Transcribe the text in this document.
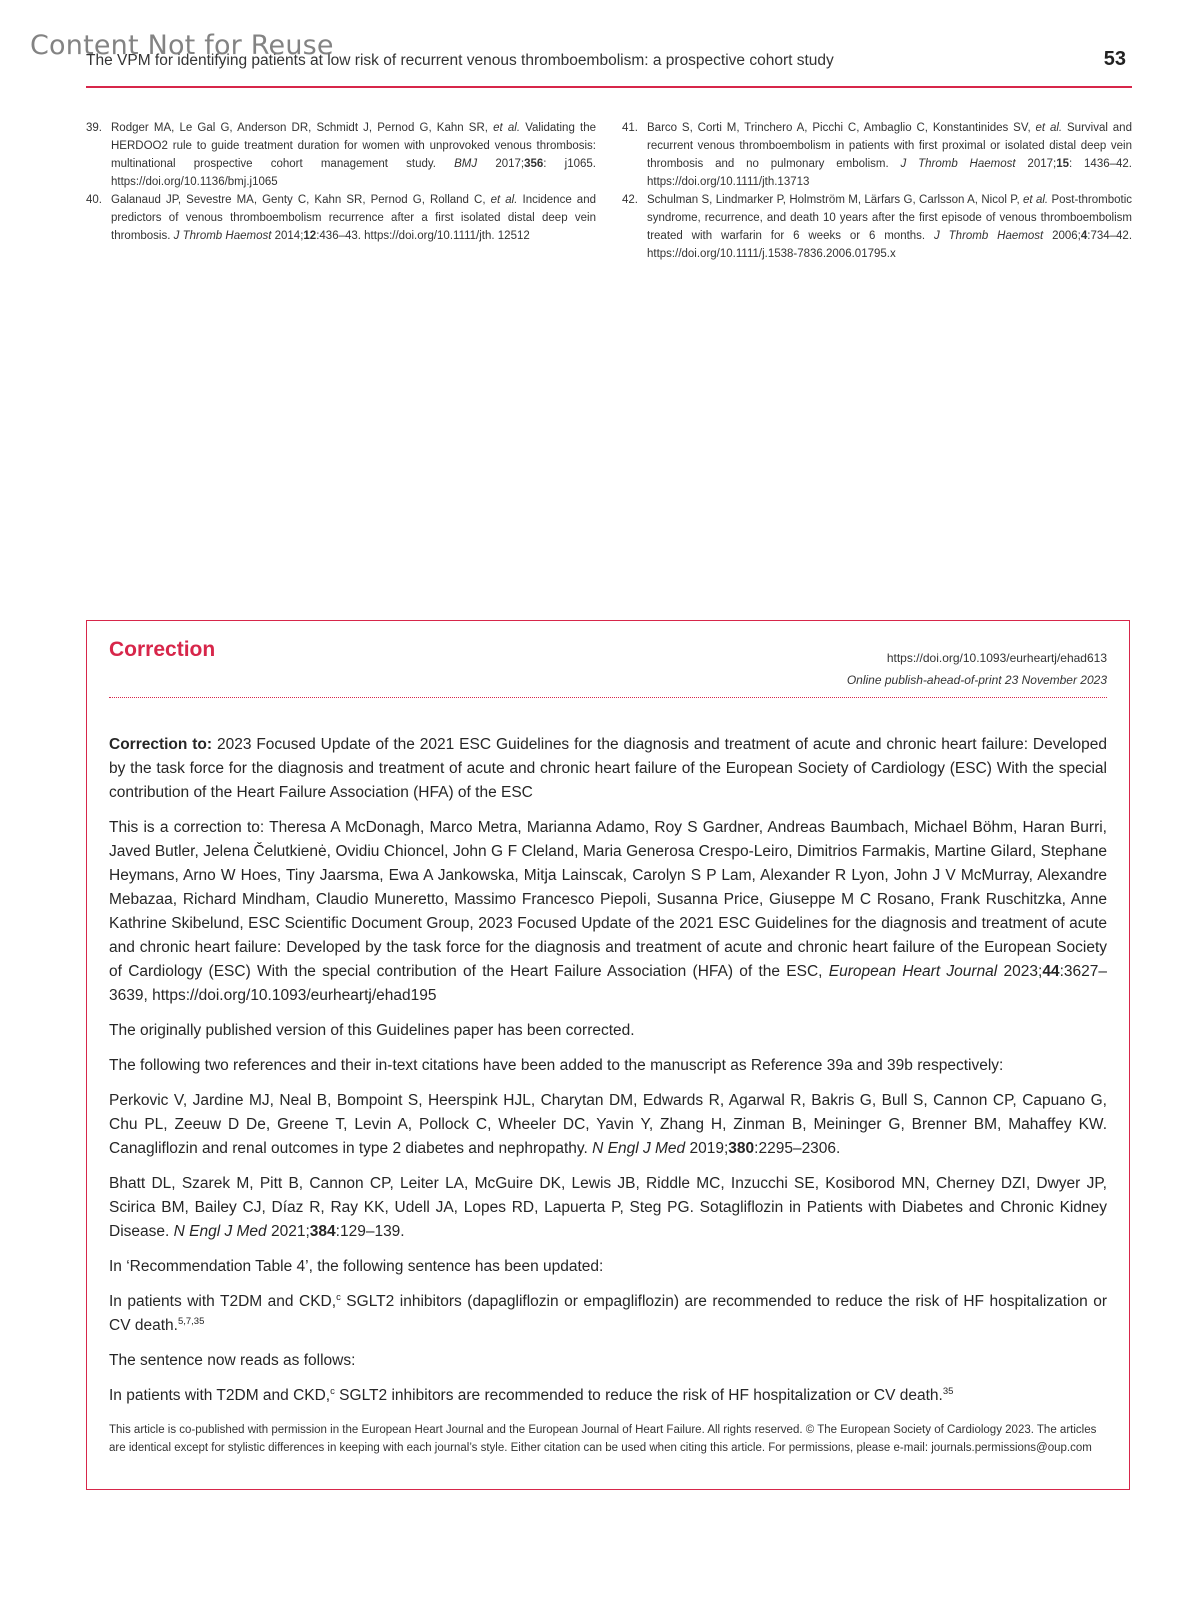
Content Not for Reuse
The VPM for identifying patients at low risk of recurrent venous thromboembolism: a prospective cohort study	53
39. Rodger MA, Le Gal G, Anderson DR, Schmidt J, Pernod G, Kahn SR, et al. Validating the HERDOO2 rule to guide treatment duration for women with unprovoked venous thrombosis: multinational prospective cohort management study. BMJ 2017;356: j1065. https://doi.org/10.1136/bmj.j1065
40. Galanaud JP, Sevestre MA, Genty C, Kahn SR, Pernod G, Rolland C, et al. Incidence and predictors of venous thromboembolism recurrence after a first isolated distal deep vein thrombosis. J Thromb Haemost 2014;12:436–43. https://doi.org/10.1111/jth. 12512
41. Barco S, Corti M, Trinchero A, Picchi C, Ambaglio C, Konstantinides SV, et al. Survival and recurrent venous thromboembolism in patients with first proximal or isolated distal deep vein thrombosis and no pulmonary embolism. J Thromb Haemost 2017;15: 1436–42. https://doi.org/10.1111/jth.13713
42. Schulman S, Lindmarker P, Holmström M, Lärfars G, Carlsson A, Nicol P, et al. Post-thrombotic syndrome, recurrence, and death 10 years after the first episode of venous thromboembolism treated with warfarin for 6 weeks or 6 months. J Thromb Haemost 2006;4:734–42. https://doi.org/10.1111/j.1538-7836.2006.01795.x
Correction	https://doi.org/10.1093/eurheartj/ehad613
Online publish-ahead-of-print 23 November 2023

Correction to: 2023 Focused Update of the 2021 ESC Guidelines for the diagnosis and treatment of acute and chronic heart failure: Developed by the task force for the diagnosis and treatment of acute and chronic heart failure of the European Society of Cardiology (ESC) With the special contribution of the Heart Failure Association (HFA) of the ESC

This is a correction to: Theresa A McDonagh, Marco Metra, Marianna Adamo, Roy S Gardner, Andreas Baumbach, Michael Böhm, Haran Burri, Javed Butler, Jelena Čelutkienė, Ovidiu Chioncel, John G F Cleland, Maria Generosa Crespo-Leiro, Dimitrios Farmakis, Martine Gilard, Stephane Heymans, Arno W Hoes, Tiny Jaarsma, Ewa A Jankowska, Mitja Lainscak, Carolyn S P Lam, Alexander R Lyon, John J V McMurray, Alexandre Mebazaa, Richard Mindham, Claudio Muneretto, Massimo Francesco Piepoli, Susanna Price, Giuseppe M C Rosano, Frank Ruschitzka, Anne Kathrine Skibelund, ESC Scientific Document Group, 2023 Focused Update of the 2021 ESC Guidelines for the diagnosis and treatment of acute and chronic heart failure: Developed by the task force for the diagnosis and treatment of acute and chronic heart failure of the European Society of Cardiology (ESC) With the special contribution of the Heart Failure Association (HFA) of the ESC, European Heart Journal 2023;44:3627–3639, https://doi.org/10.1093/eurheartj/ehad195

The originally published version of this Guidelines paper has been corrected.

The following two references and their in-text citations have been added to the manuscript as Reference 39a and 39b respectively:

Perkovic V, Jardine MJ, Neal B, Bompoint S, Heerspink HJL, Charytan DM, Edwards R, Agarwal R, Bakris G, Bull S, Cannon CP, Capuano G, Chu PL, Zeeuw D De, Greene T, Levin A, Pollock C, Wheeler DC, Yavin Y, Zhang H, Zinman B, Meininger G, Brenner BM, Mahaffey KW. Canagliflozin and renal outcomes in type 2 diabetes and nephropathy. N Engl J Med 2019;380:2295–2306.

Bhatt DL, Szarek M, Pitt B, Cannon CP, Leiter LA, McGuire DK, Lewis JB, Riddle MC, Inzucchi SE, Kosiborod MN, Cherney DZI, Dwyer JP, Scirica BM, Bailey CJ, Díaz R, Ray KK, Udell JA, Lopes RD, Lapuerta P, Steg PG. Sotagliflozin in Patients with Diabetes and Chronic Kidney Disease. N Engl J Med 2021;384:129–139.

In ‘Recommendation Table 4’, the following sentence has been updated:

In patients with T2DM and CKD,$^c$ SGLT2 inhibitors (dapagliflozin or empagliflozin) are recommended to reduce the risk of HF hospitalization or CV death.$^{5,7,35}$

The sentence now reads as follows:

In patients with T2DM and CKD,$^c$ SGLT2 inhibitors are recommended to reduce the risk of HF hospitalization or CV death.$^{35}$

This article is co-published with permission in the European Heart Journal and the European Journal of Heart Failure. All rights reserved. © The European Society of Cardiology 2023. The articles are identical except for stylistic differences in keeping with each journal’s style. Either citation can be used when citing this article. For permissions, please e-mail: journals.permissions@oup.com
